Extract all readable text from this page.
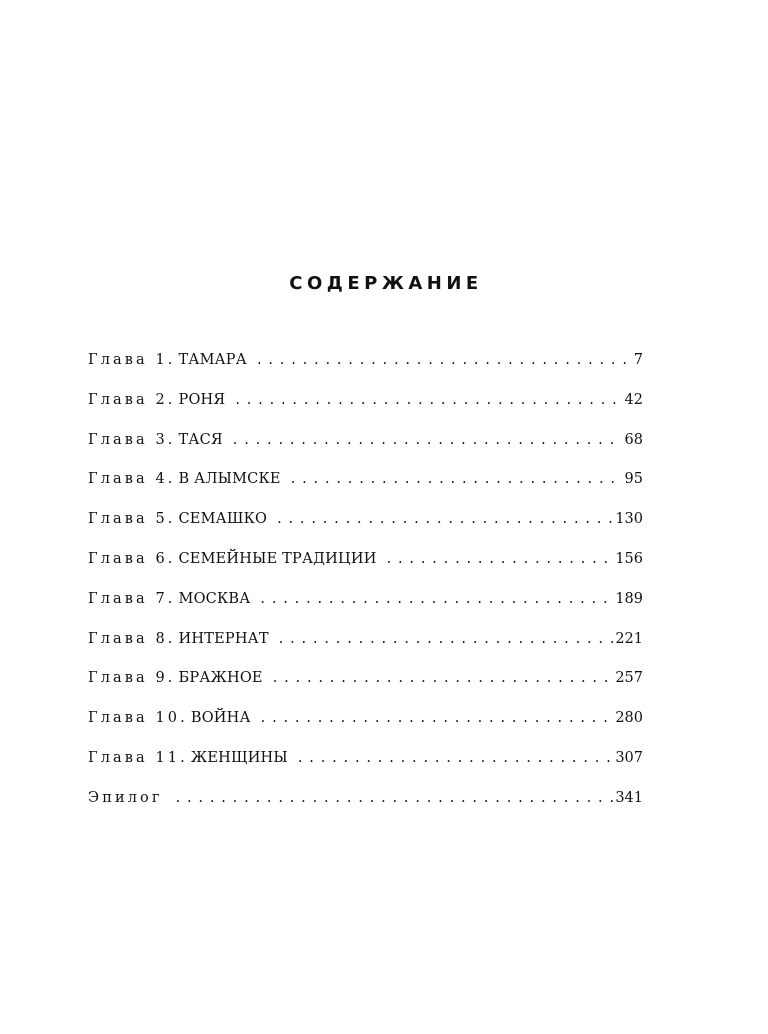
СОДЕРЖАНИЕ
Глава 1. ТАМАРА . . .	7
Глава 2. РОНЯ . . .	42
Глава 3. ТАСЯ . . .	68
Глава 4. В АЛЫМСКЕ . . .	95
Глава 5. СЕМАШКО . . .	130
Глава 6. СЕМЕЙНЫЕ ТРАДИЦИИ . . .	156
Глава 7. МОСКВА . . .	189
Глава 8. ИНТЕРНАТ . . .	221
Глава 9. БРАЖНОЕ . . .	257
Глава 10. ВОЙНА . . .	280
Глава 11. ЖЕНЩИНЫ . . .	307
Эпилог . . .	341
